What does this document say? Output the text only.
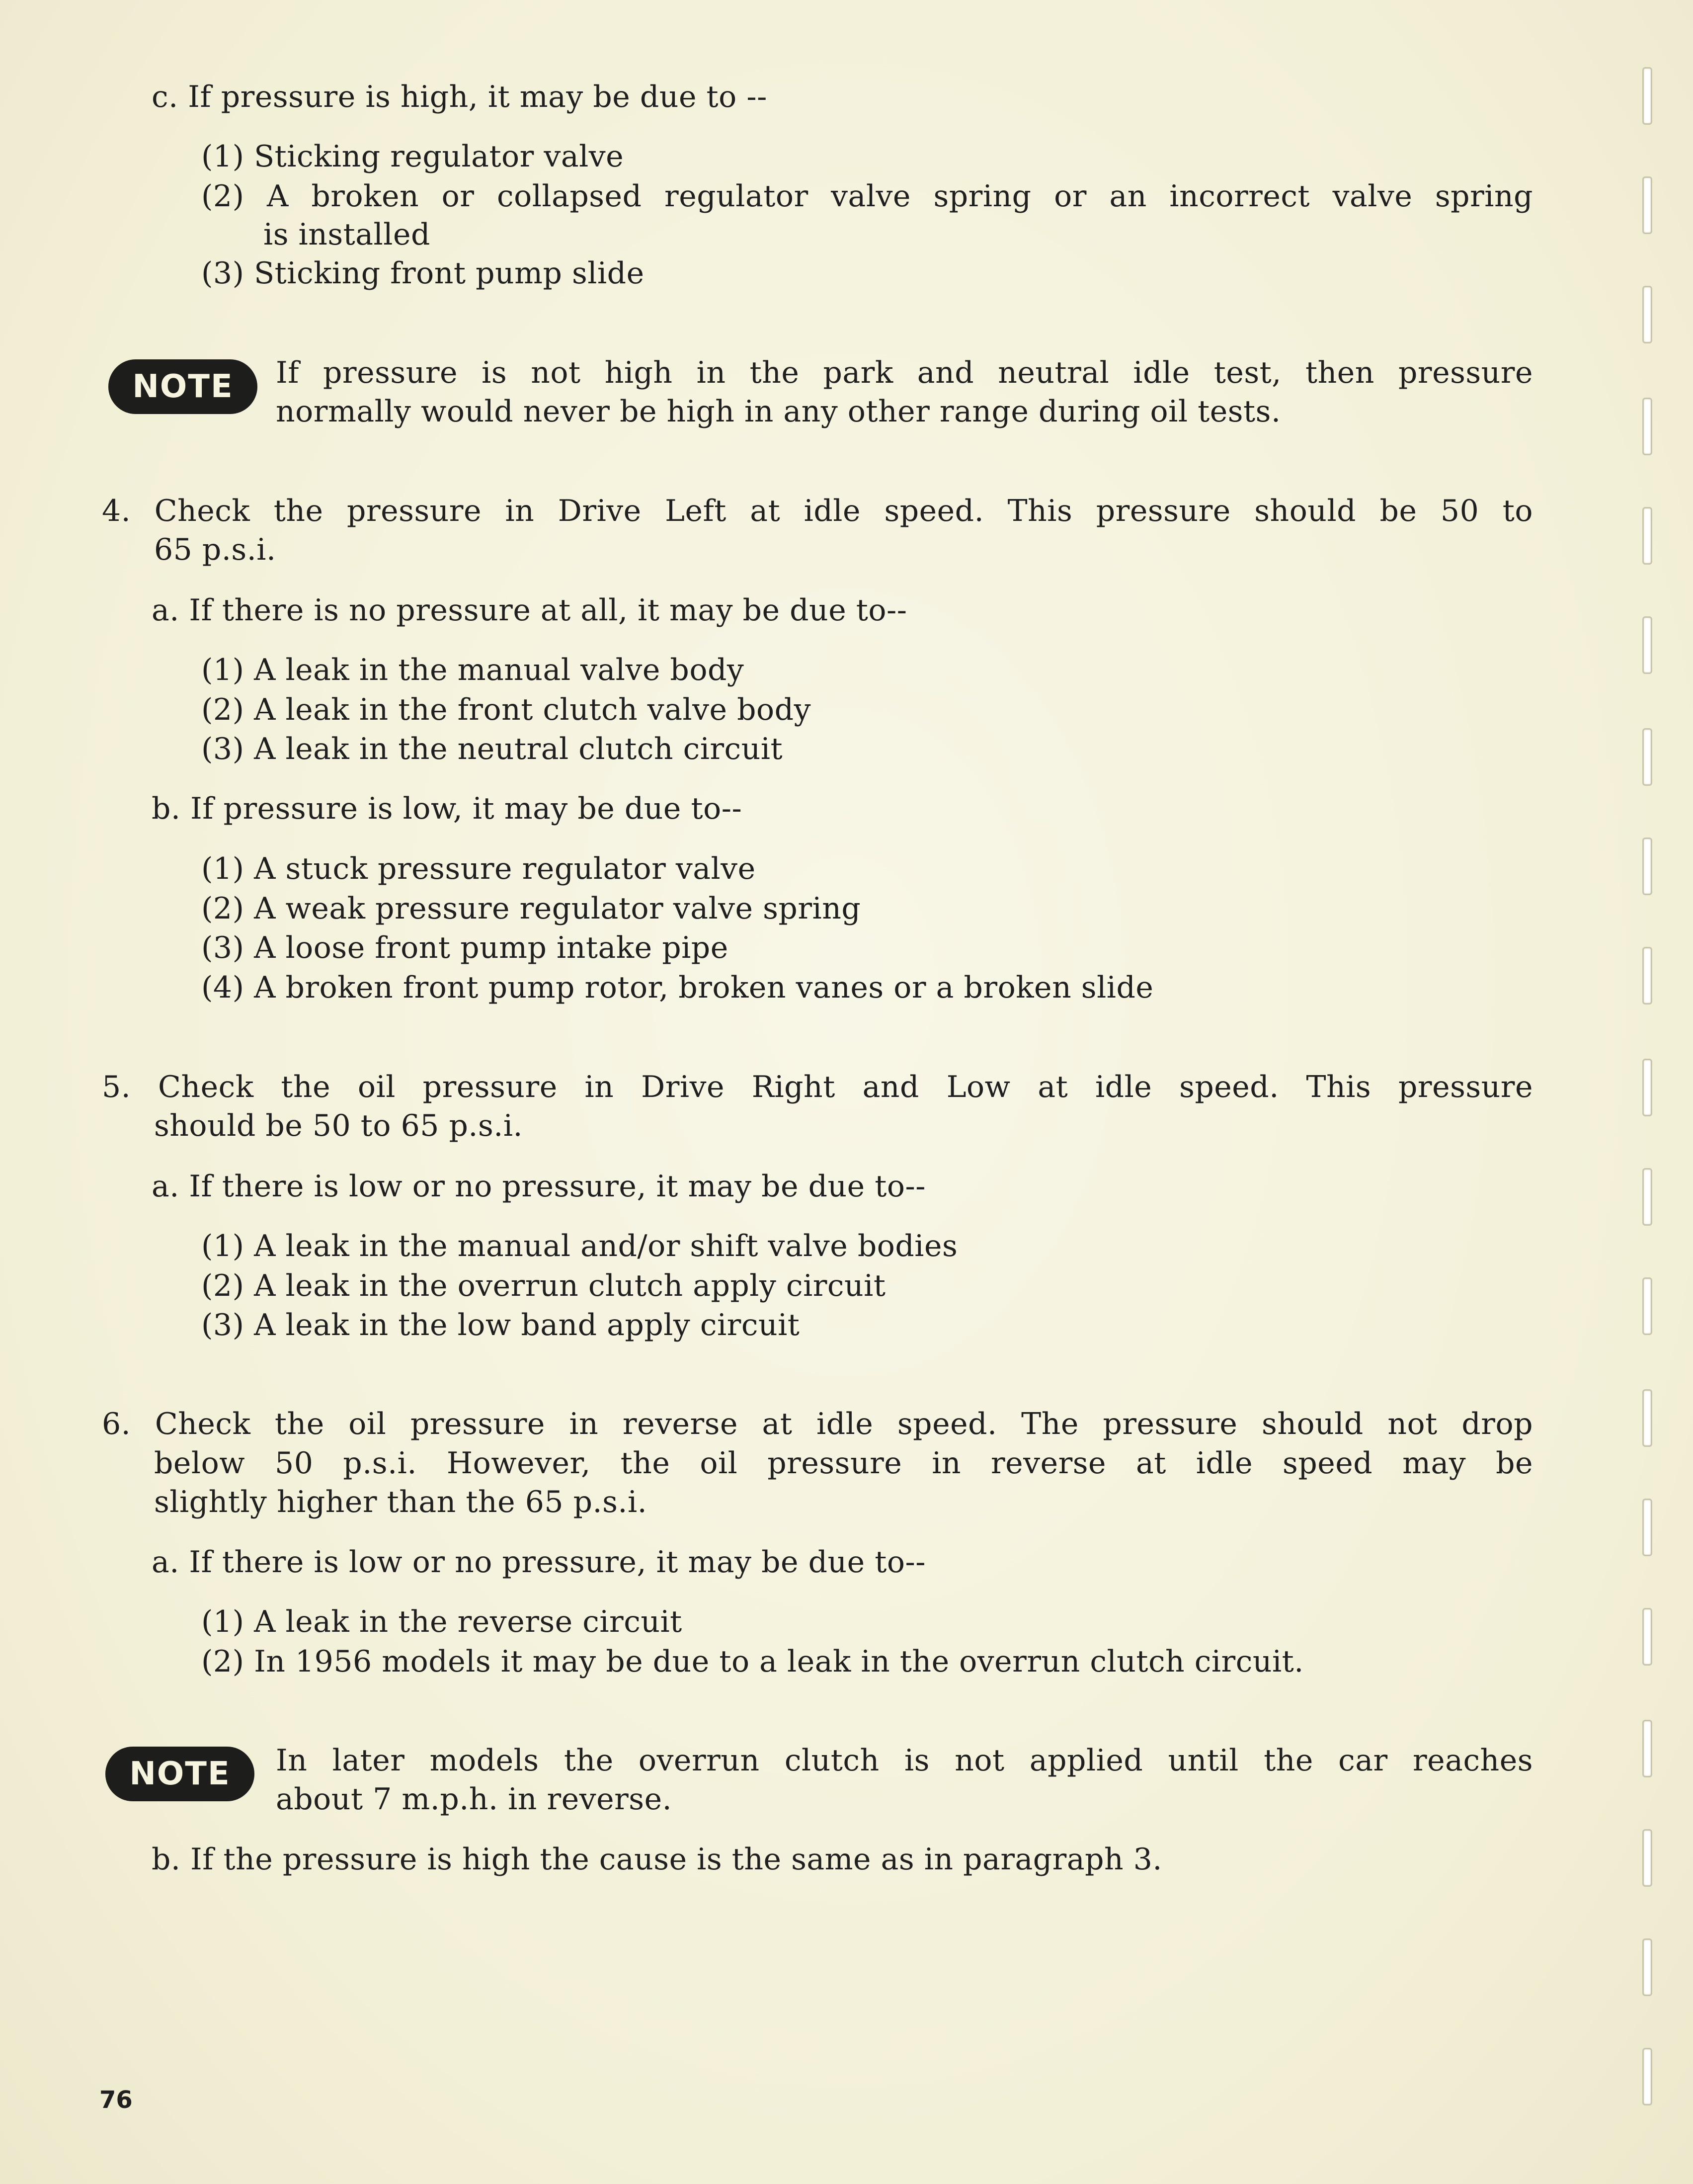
c. If pressure is high, it may be due to --
(1) Sticking regulator valve
(2) A broken or collapsed regulator valve spring or an incorrect valve spring
is installed
(3) Sticking front pump slide
NOTE	If pressure is not high in the park and neutral idle test, then pressure
normally would never be high in any other range during oil tests.
4. Check the pressure in Drive Left at idle speed. This pressure should be 50 to
65 p.s.i.
a. If there is no pressure at all, it may be due to--
(1) A leak in the manual valve body
(2) A leak in the front clutch valve body
(3) A leak in the neutral clutch circuit
b. If pressure is low, it may be due to--
(1) A stuck pressure regulator valve
(2) A weak pressure regulator valve spring
(3) A loose front pump intake pipe
(4) A broken front pump rotor, broken vanes or a broken slide
5. Check the oil pressure in Drive Right and Low at idle speed. This pressure
should be 50 to 65 p.s.i.
a. If there is low or no pressure, it may be due to--
(1) A leak in the manual and/or shift valve bodies
(2) A leak in the overrun clutch apply circuit
(3) A leak in the low band apply circuit
6. Check the oil pressure in reverse at idle speed. The pressure should not drop
below 50 p.s.i. However, the oil pressure in reverse at idle speed may be
slightly higher than the 65 p.s.i.
a. If there is low or no pressure, it may be due to--
(1) A leak in the reverse circuit
(2) In 1956 models it may be due to a leak in the overrun clutch circuit.
NOTE	In later models the overrun clutch is not applied until the car reaches
about 7 m.p.h. in reverse.
b. If the pressure is high the cause is the same as in paragraph 3.
76
